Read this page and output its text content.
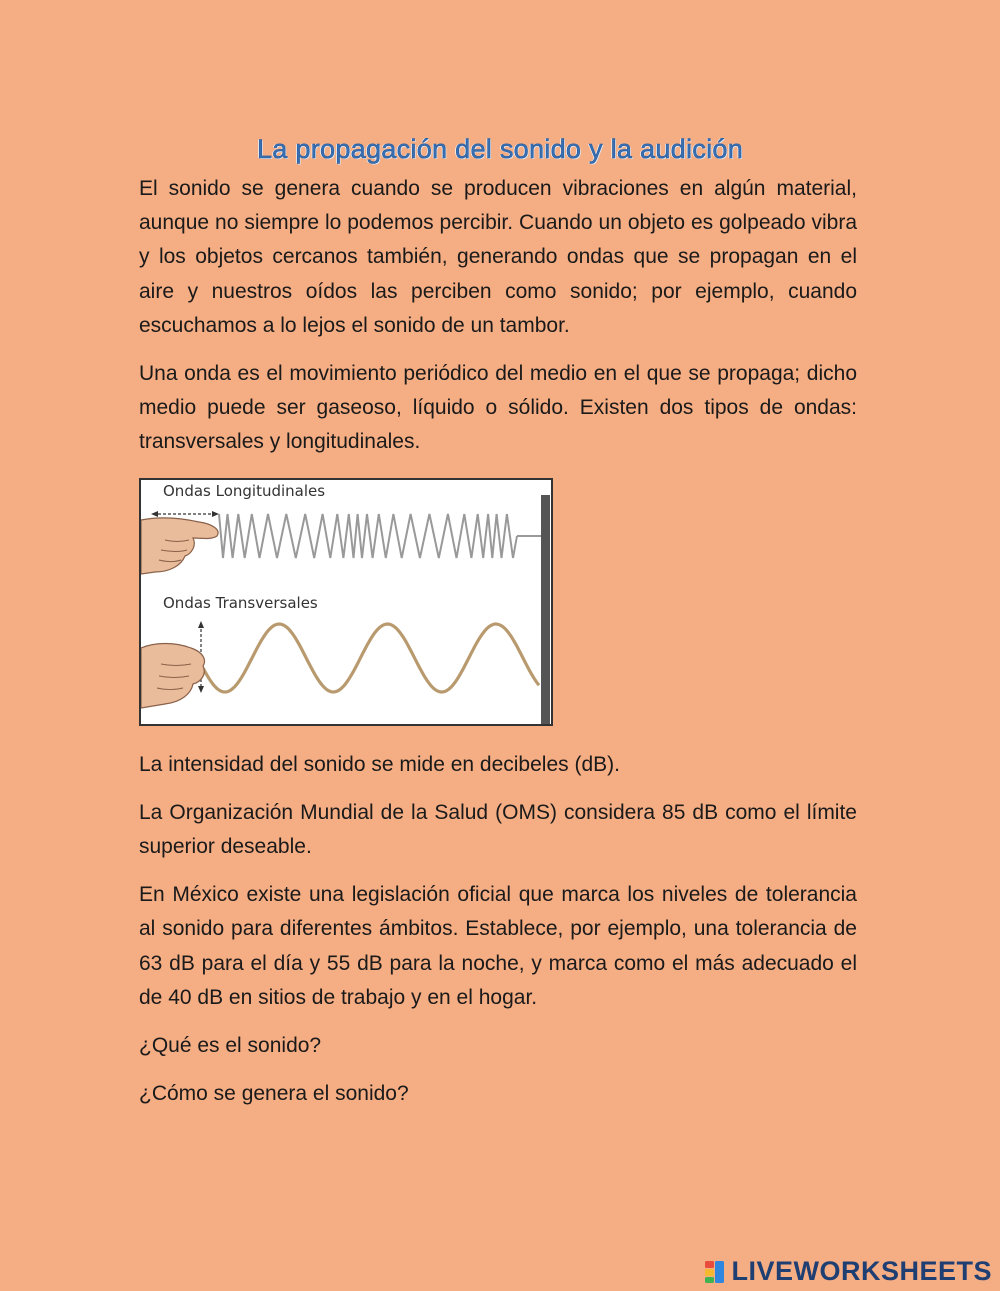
La propagación del sonido y la audición

El sonido se genera cuando se producen vibraciones en algún material, aunque no siempre lo podemos percibir. Cuando un objeto es golpeado vibra y los objetos cercanos también, generando ondas que se propagan en el aire y nuestros oídos las perciben como sonido; por ejemplo, cuando escuchamos a lo lejos el sonido de un tambor.

Una onda es el movimiento periódico del medio en el que se propaga; dicho medio puede ser gaseoso, líquido o sólido. Existen dos tipos de ondas: transversales y longitudinales.

Ondas Longitudinales
Ondas Transversales

La intensidad del sonido se mide en decibeles (dB).

La Organización Mundial de la Salud (OMS) considera 85 dB como el límite superior deseable.

En México existe una legislación oficial que marca los niveles de tolerancia al sonido para diferentes ámbitos. Establece, por ejemplo, una tolerancia de 63 dB para el día y 55 dB para la noche, y marca como el más adecuado el de 40 dB en sitios de trabajo y en el hogar.

¿Qué es el sonido?

¿Cómo se genera el sonido?

LIVEWORKSHEETS
